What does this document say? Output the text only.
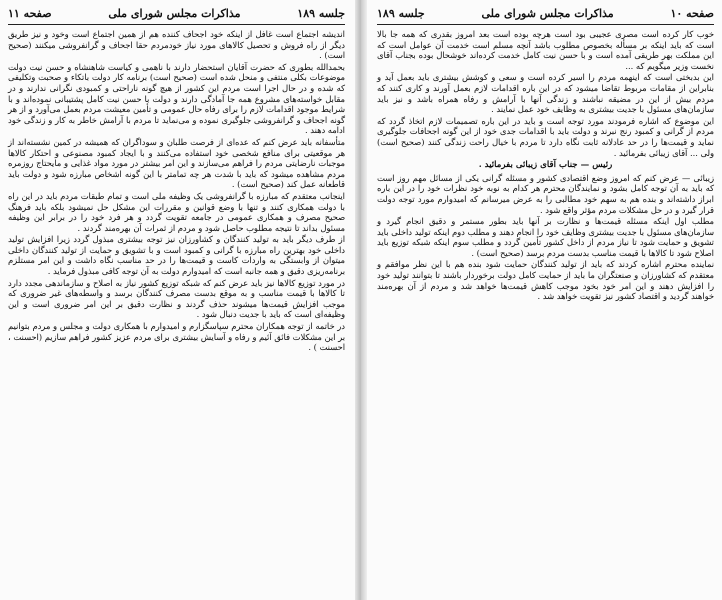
جلسه ۱۸۹
مذاكرات مجلس شوراى ملى
صفحه ۱۱

اندیشه اجتماع است غافل از اینکه خود اجحاف کننده هم از همین اجتماع است وخود و نیز طریق دیگر از راه فروش و تحصیل کالاهای مورد نیاز خودمردم حقا اجحاف و گرانفروشی میکنند (صحیح است) .

بحمدالله بطوری که حضرت آقایان استحضار دارند با ناهمی و کیاست شاهنشاه و حسن نیت دولت موضوعات بکلی منتفی و منحل شده است (صحیح است) برنامه کار دولت باتکاء و صحبت وتکلیفی که شده و در حال اجرا است مردم این کشور از هیچ گونه ناراحتی و کمبودی نگرانی ندارند و در مقابل خواسته‌های مشروع همه جا آمادگی دارند و دولت با حسن نیت کامل پشتیبانی نموده‌اند و با شرایط موجود اقدامات لازم را برای رفاه حال عمومی و تأمین معیشت مردم بعمل می‌آورد و از هر گونه اجحاف و گرانفروشی جلوگیری نموده و می‌نماید تا مردم با آرامش خاطر به کار و زندگی خود ادامه دهند .

متأسفانه باید عرض کنم که عده‌ای از فرصت طلبان و سوداگران که همیشه در کمین نشسته‌اند از هر موقعیتی برای منافع شخصی خود استفاده می‌کنند و با ایجاد کمبود مصنوعی و احتکار کالاها موجبات نارضایتی مردم را فراهم می‌سازند و این امر بیشتر در مورد مواد غذایی و مایحتاج روزمره مردم مشاهده میشود که باید با شدت هر چه تمامتر با این گونه اشخاص مبارزه شود و دولت باید قاطعانه عمل کند (صحیح است) .

اینجانب معتقدم که مبارزه با گرانفروشی یک وظیفه ملی است و تمام طبقات مردم باید در این راه با دولت همکاری کنند و تنها با وضع قوانین و مقررات این مشکل حل نمیشود بلکه باید فرهنگ صحیح مصرف و همکاری عمومی در جامعه تقویت گردد و هر فرد خود را در برابر این وظیفه مسئول بداند تا نتیجه مطلوب حاصل شود و مردم از ثمرات آن بهره‌مند گردند .

از طرف دیگر باید به تولید کنندگان و کشاورزان نیز توجه بیشتری مبذول گردد زیرا افزایش تولید داخلی خود بهترین راه مبارزه با گرانی و کمبود است و با تشویق و حمایت از تولید کنندگان داخلی میتوان از وابستگی به واردات کاست و قیمت‌ها را در حد مناسب نگاه داشت و این امر مستلزم برنامه‌ریزی دقیق و همه جانبه است که امیدوارم دولت به آن توجه کافی مبذول فرماید .

در مورد توزیع کالاها نیز باید عرض کنم که شبکه توزیع کشور نیاز به اصلاح و سازماندهی مجدد دارد تا کالاها با قیمت مناسب و به موقع بدست مصرف کنندگان برسد و واسطه‌های غیر ضروری که موجب افزایش قیمت‌ها میشوند حذف گردند و نظارت دقیق بر این امر ضروری است و این وظیفه‌ای است که باید با جدیت دنبال شود .

در خاتمه از توجه همکاران محترم سپاسگزارم و امیدوارم با همکاری دولت و مجلس و مردم بتوانیم بر این مشکلات فائق آئیم و رفاه و آسایش بیشتری برای مردم عزیز کشور فراهم سازیم (احسنت ، احسنت ) .

صفحه ۱۰
مذاكرات مجلس شوراى ملى
جلسه ۱۸۹

خوب کار کرده است مصری عجیبی بود است هرچه بوده است بعد امروز بقدری که همه جا بالا است که باید اینکه بر مسأله بخصوص مطلوب باشد آنچه مسلم است خدمت آن عوامل است که این مملکت بهر طریقی آمده است و با حسن نیت کامل خدمت کرده‌اند خوشحال بوده بجناب آقای نخست وزیر میگویم که ...

این بدبختی است که اینهمه مردم را اسیر کرده است و سعی و کوشش بیشتری باید بعمل آید و بنابراین از مقامات مربوط تقاضا میشود که در این باره اقدامات لازم بعمل آورند و کاری کنند که مردم بیش از این در مضیقه نباشند و زندگی آنها با آرامش و رفاه همراه باشد و نیز باید سازمان‌های مسئول با جدیت بیشتری به وظایف خود عمل نمایند .

این موضوع که اشاره فرمودند مورد توجه است و باید در این باره تصمیمات لازم اتخاذ گردد که مردم از گرانی و کمبود رنج نبرند و دولت باید با اقدامات جدی خود از این گونه اجحافات جلوگیری نماید و قیمت‌ها را در حد عادلانه ثابت نگاه دارد تا مردم با خیال راحت زندگی کنند (صحیح است) ولی ... آقای زیبائی بفرمائید .

رئیس — جناب آقای زیبائی بفرمائید .

زیبائی — عرض کنم که امروز وضع اقتصادی کشور و مسئله گرانی یکی از مسائل مهم روز است که باید به آن توجه کامل بشود و نمایندگان محترم هر کدام به نوبه خود نظرات خود را در این باره ابراز داشته‌اند و بنده هم به سهم خود مطالبی را به عرض میرسانم که امیدوارم مورد توجه دولت قرار گیرد و در حل مشکلات مردم مؤثر واقع شود .

مطلب اول اینکه مسئله قیمت‌ها و نظارت بر آنها باید بطور مستمر و دقیق انجام گیرد و سازمان‌های مسئول با جدیت بیشتری وظایف خود را انجام دهند و مطلب دوم اینکه تولید داخلی باید تشویق و حمایت شود تا نیاز مردم از داخل کشور تأمین گردد و مطلب سوم اینکه شبکه توزیع باید اصلاح شود تا کالاها با قیمت مناسب بدست مردم برسد (صحیح است) .

نماینده محترم اشاره کردند که باید از تولید کنندگان حمایت شود بنده هم با این نظر موافقم و معتقدم که کشاورزان و صنعتگران ما باید از حمایت کامل دولت برخوردار باشند تا بتوانند تولید خود را افزایش دهند و این امر خود بخود موجب کاهش قیمت‌ها خواهد شد و مردم از آن بهره‌مند خواهند گردید و اقتصاد کشور نیز تقویت خواهد شد .
